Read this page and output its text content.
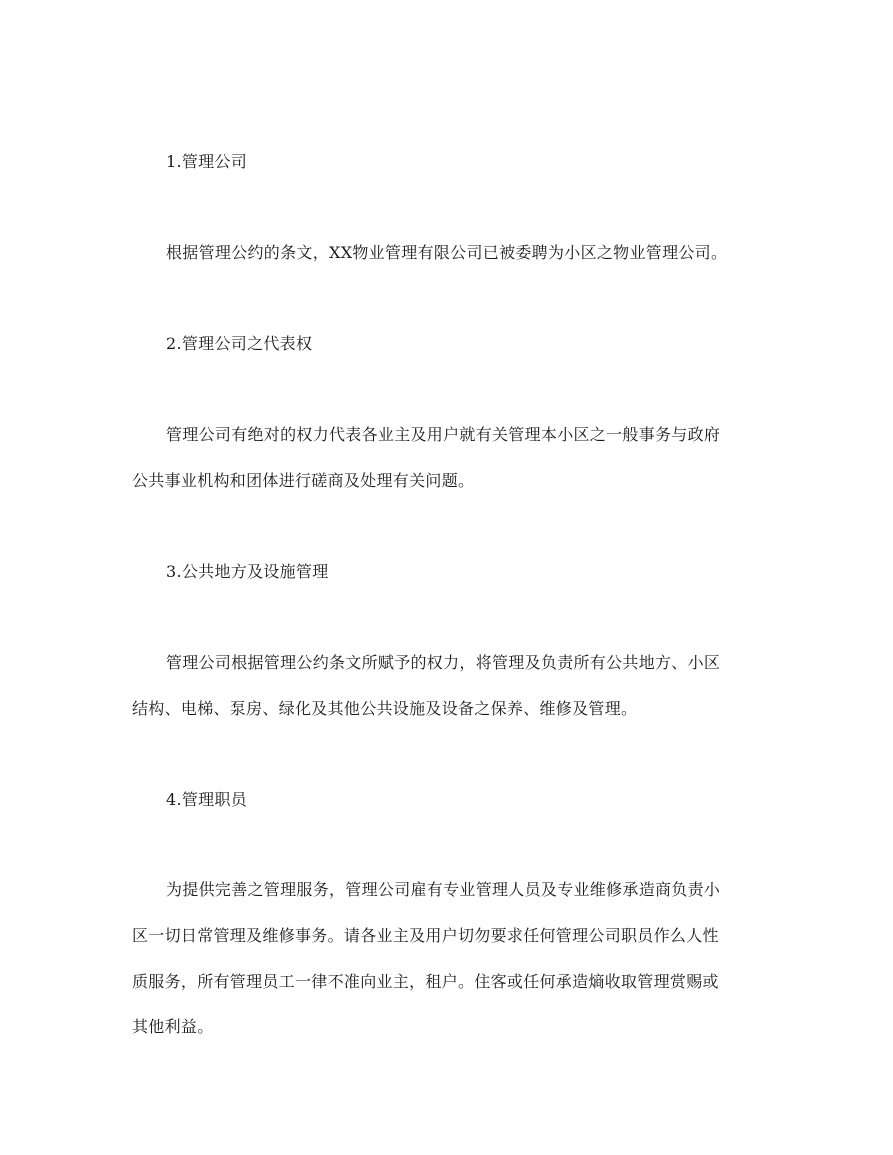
1.管理公司
根据管理公约的条文，XX物业管理有限公司已被委聘为小区之物业管理公司。
2.管理公司之代表权
管理公司有绝对的权力代表各业主及用户就有关管理本小区之一般事务与政府
公共事业机构和团体进行磋商及处理有关问题。
3.公共地方及设施管理
管理公司根据管理公约条文所赋予的权力，将管理及负责所有公共地方、小区
结构、电梯、泵房、绿化及其他公共设施及设备之保养、维修及管理。
4.管理职员
为提供完善之管理服务，管理公司雇有专业管理人员及专业维修承造商负责小
区一切日常管理及维修事务。请各业主及用户切勿要求任何管理公司职员作么人性
质服务，所有管理员工一律不准向业主，租户。住客或任何承造熵收取管理赏赐或
其他利益。
